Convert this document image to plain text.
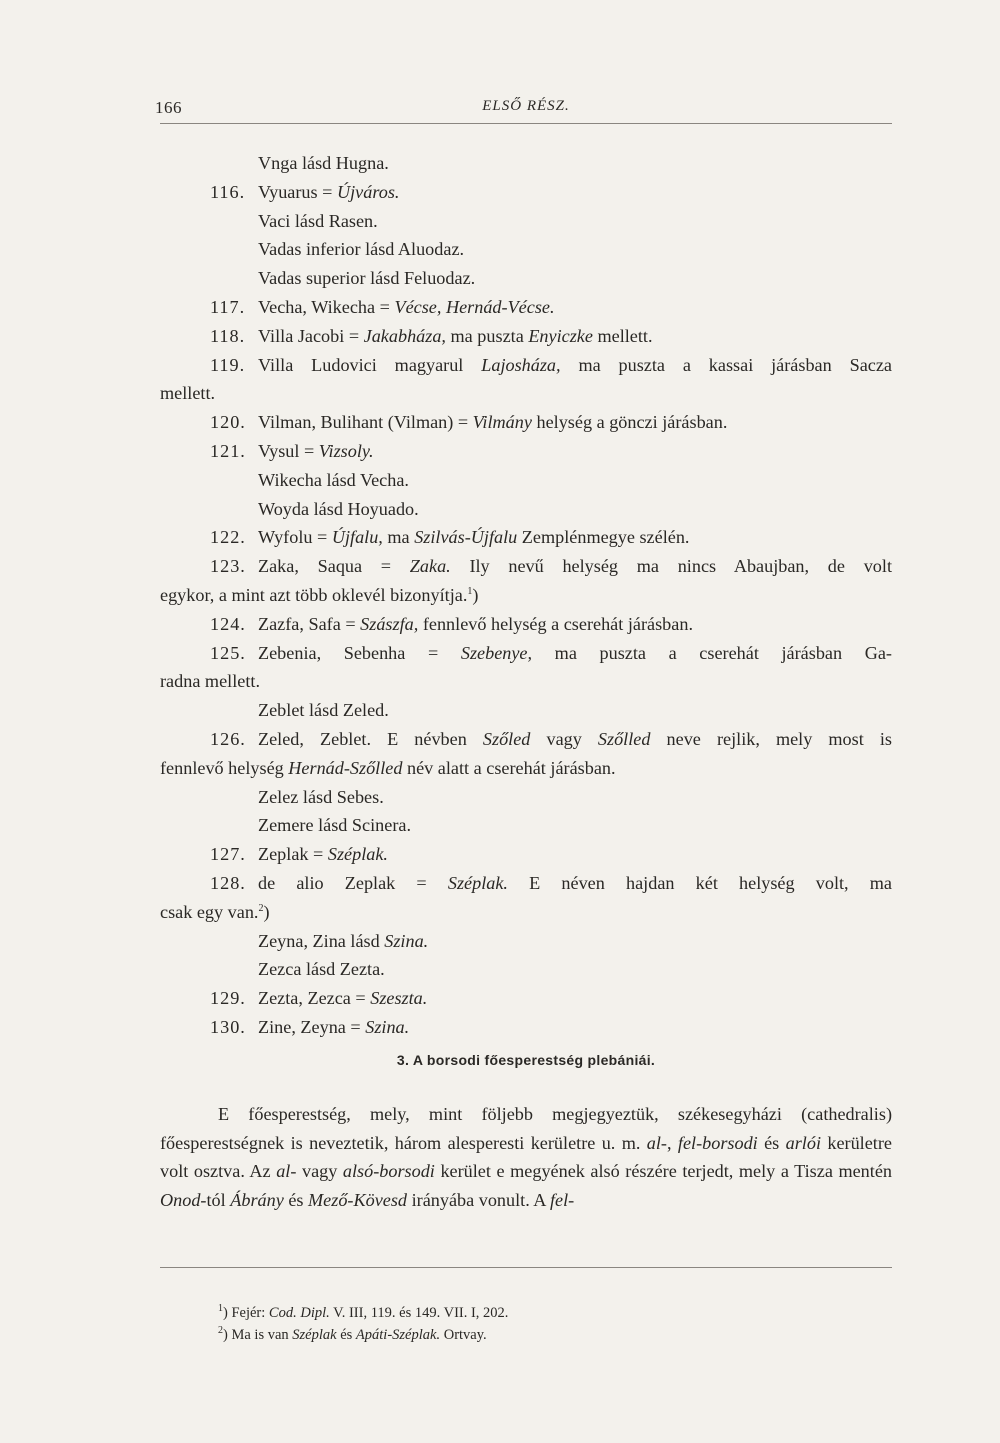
166	ELSŐ RÉSZ.
Vnga lásd Hugna.
116. Vyuarus = Újváros.
Vaci lásd Rasen.
Vadas inferior lásd Aluodaz.
Vadas superior lásd Feluodaz.
117. Vecha, Wikecha = Vécse, Hernád-Vécse.
118. Villa Jacobi = Jakabháza, ma puszta Enyiczke mellett.
119. Villa Ludovici magyarul Lajosháza, ma puszta a kassai járásban Sacza
mellett.
120. Vilman, Bulihant (Vilman) = Vilmány helység a gönczi járásban.
121. Vysul = Vizsoly.
Wikecha lásd Vecha.
Woyda lásd Hoyuado.
122. Wyfolu = Újfalu, ma Szilvás-Újfalu Zemplénmegye szélén.
123. Zaka, Saqua = Zaka. Ily nevű helység ma nincs Abaujban, de volt
egykor, a mint azt több oklevél bizonyítja.$^1$)
124. Zazfa, Safa = Szászfa, fennlevő helység a cserehát járásban.
125. Zebenia, Sebenha = Szebenye, ma puszta a cserehát járásban Ga-
radna mellett.
Zeblet lásd Zeled.
126. Zeled, Zeblet. E névben Szőled vagy Szőlled neve rejlik, mely most is
fennlevő helység Hernád-Szőlled név alatt a cserehát járásban.
Zelez lásd Sebes.
Zemere lásd Scinera.
127. Zeplak = Széplak.
128. de alio Zeplak = Széplak. E néven hajdan két helység volt, ma
csak egy van.$^2$)
Zeyna, Zina lásd Szina.
Zezca lásd Zezta.
129. Zezta, Zezca = Szeszta.
130. Zine, Zeyna = Szina.
3. A borsodi főesperestség plebániái.

E főesperestség, mely, mint följebb megjegyeztük, székesegyházi (cathedralis) főesperestségnek is neveztetik, három alesperesti kerületre u. m. al-, fel-borsodi és arlói kerületre volt osztva. Az al- vagy alsó-borsodi kerület e megyének alsó részére terjedt, mely a Tisza mentén Onod-tól Ábrány és Mező-Kövesd irányába vonult. A fel-

$^1$) Fejér: Cod. Dipl. V. III, 119. és 149. VII. I, 202.
$^2$) Ma is van Széplak és Apáti-Széplak. Ortvay.
